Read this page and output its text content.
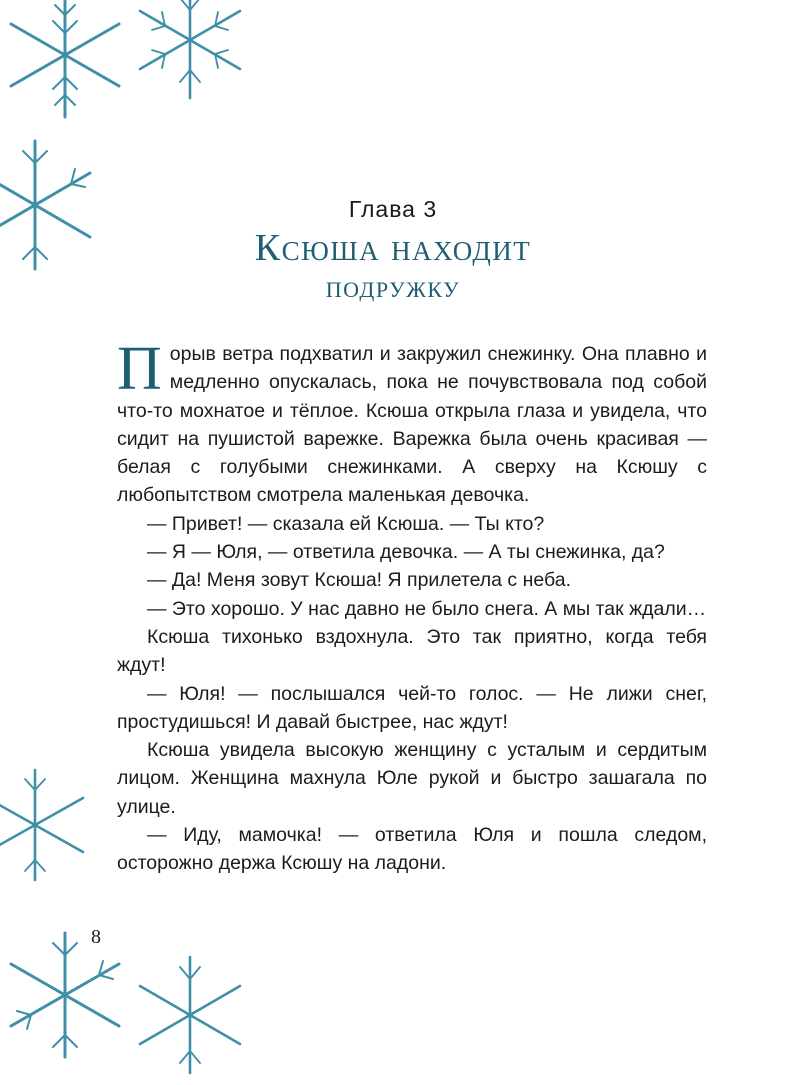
Глава 3
Ксюша находит
подружку

Порыв ветра подхватил и закружил снежинку. Она плавно и медленно опускалась, пока не почувствовала под собой что-то мохнатое и тёплое. Ксюша открыла глаза и увидела, что сидит на пушистой варежке. Варежка была очень красивая — белая с голубыми снежинками. А сверху на Ксюшу с любопытством смотрела маленькая девочка.

— Привет! — сказала ей Ксюша. — Ты кто?

— Я — Юля, — ответила девочка. — А ты снежинка, да?

— Да! Меня зовут Ксюша! Я прилетела с неба.

— Это хорошо. У нас давно не было снега. А мы так ждали…

Ксюша тихонько вздохнула. Это так приятно, когда тебя ждут!

— Юля! — послышался чей-то голос. — Не лижи снег, простудишься! И давай быстрее, нас ждут!

Ксюша увидела высокую женщину с усталым и сердитым лицом. Женщина махнула Юле рукой и быстро зашагала по улице.

— Иду, мамочка! — ответила Юля и пошла следом, осторожно держа Ксюшу на ладони.

8
